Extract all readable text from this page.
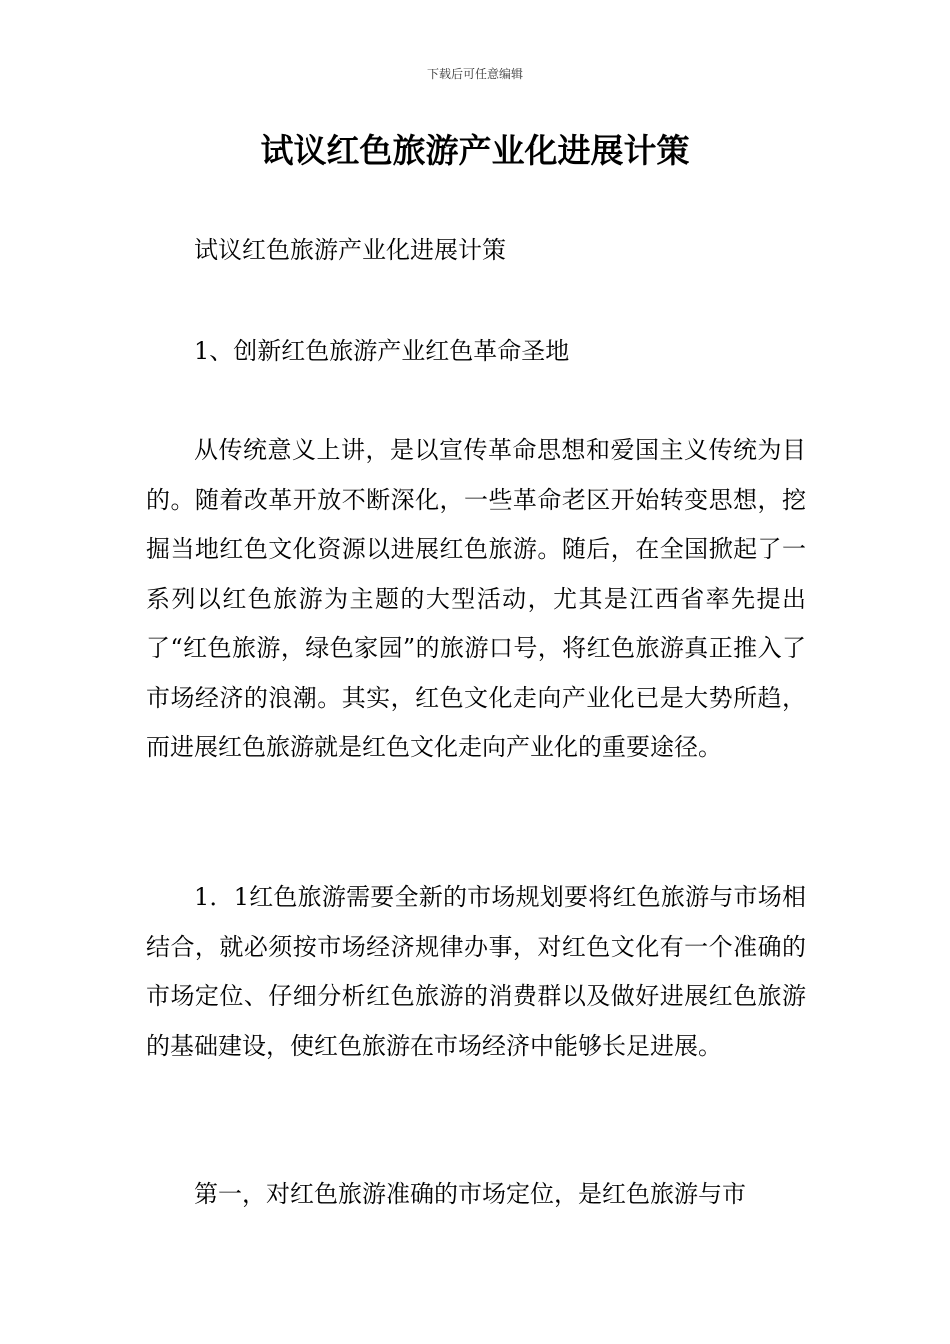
下载后可任意编辑
试议红色旅游产业化进展计策

试议红色旅游产业化进展计策

1、创新红色旅游产业红色革命圣地

从传统意义上讲，是以宣传革命思想和爱国主义传统为目的。随着改革开放不断深化，一些革命老区开始转变思想，挖掘当地红色文化资源以进展红色旅游。随后，在全国掀起了一系列以红色旅游为主题的大型活动，尤其是江西省率先提出了“红色旅游，绿色家园”的旅游口号，将红色旅游真正推入了市场经济的浪潮。其实，红色文化走向产业化已是大势所趋，而进展红色旅游就是红色文化走向产业化的重要途径。

1．1红色旅游需要全新的市场规划要将红色旅游与市场相结合，就必须按市场经济规律办事，对红色文化有一个准确的市场定位、仔细分析红色旅游的消费群以及做好进展红色旅游的基础建设，使红色旅游在市场经济中能够长足进展。

第一，对红色旅游准确的市场定位，是红色旅游与市
